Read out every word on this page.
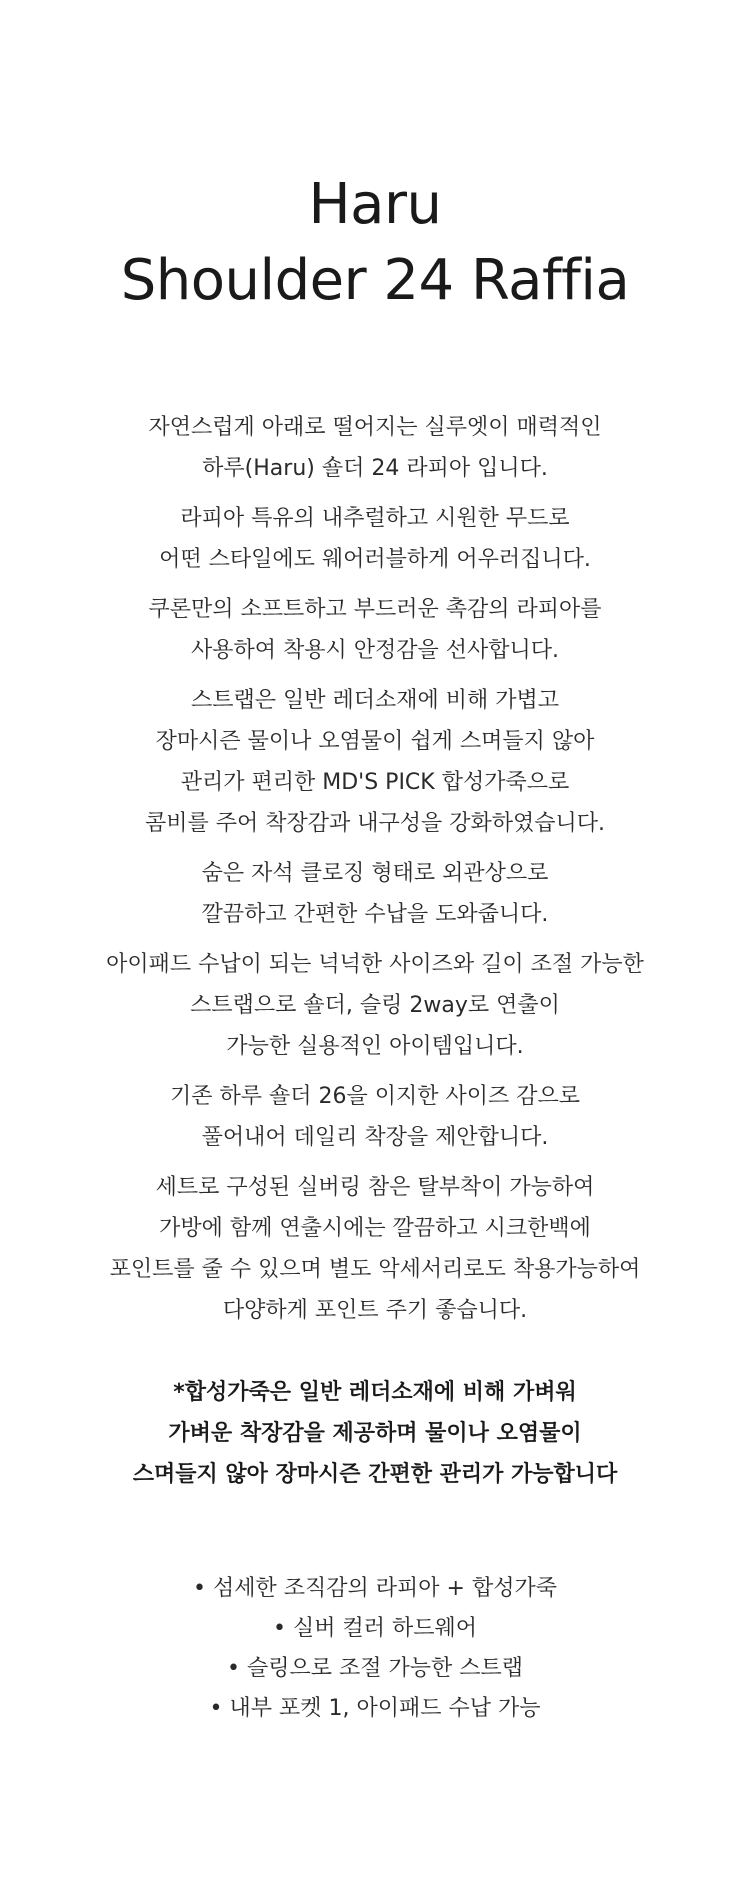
Haru
Shoulder 24 Raffia
자연스럽게 아래로 떨어지는 실루엣이 매력적인
하루(Haru) 숄더 24 라피아 입니다.
라피아 특유의 내추럴하고 시원한 무드로
어떤 스타일에도 웨어러블하게 어우러집니다.
쿠론만의 소프트하고 부드러운 촉감의 라피아를
사용하여 착용시 안정감을 선사합니다.
스트랩은 일반 레더소재에 비해 가볍고
장마시즌 물이나 오염물이 쉽게 스며들지 않아
관리가 편리한 MD'S PICK 합성가죽으로
콤비를 주어 착장감과 내구성을 강화하였습니다.
숨은 자석 클로징 형태로 외관상으로
깔끔하고 간편한 수납을 도와줍니다.
아이패드 수납이 되는 넉넉한 사이즈와 길이 조절 가능한
스트랩으로 숄더, 슬링 2way로 연출이
가능한 실용적인 아이템입니다.
기존 하루 숄더 26을 이지한 사이즈 감으로
풀어내어 데일리 착장을 제안합니다.
세트로 구성된 실버링 참은 탈부착이 가능하여
가방에 함께 연출시에는 깔끔하고 시크한백에
포인트를 줄 수 있으며 별도 악세서리로도 착용가능하여
다양하게 포인트 주기 좋습니다.
*합성가죽은 일반 레더소재에 비해 가벼워
가벼운 착장감을 제공하며 물이나 오염물이
스며들지 않아 장마시즌 간편한 관리가 가능합니다
• 섬세한 조직감의 라피아 + 합성가죽
• 실버 컬러 하드웨어
• 슬링으로 조절 가능한 스트랩
• 내부 포켓 1, 아이패드 수납 가능
